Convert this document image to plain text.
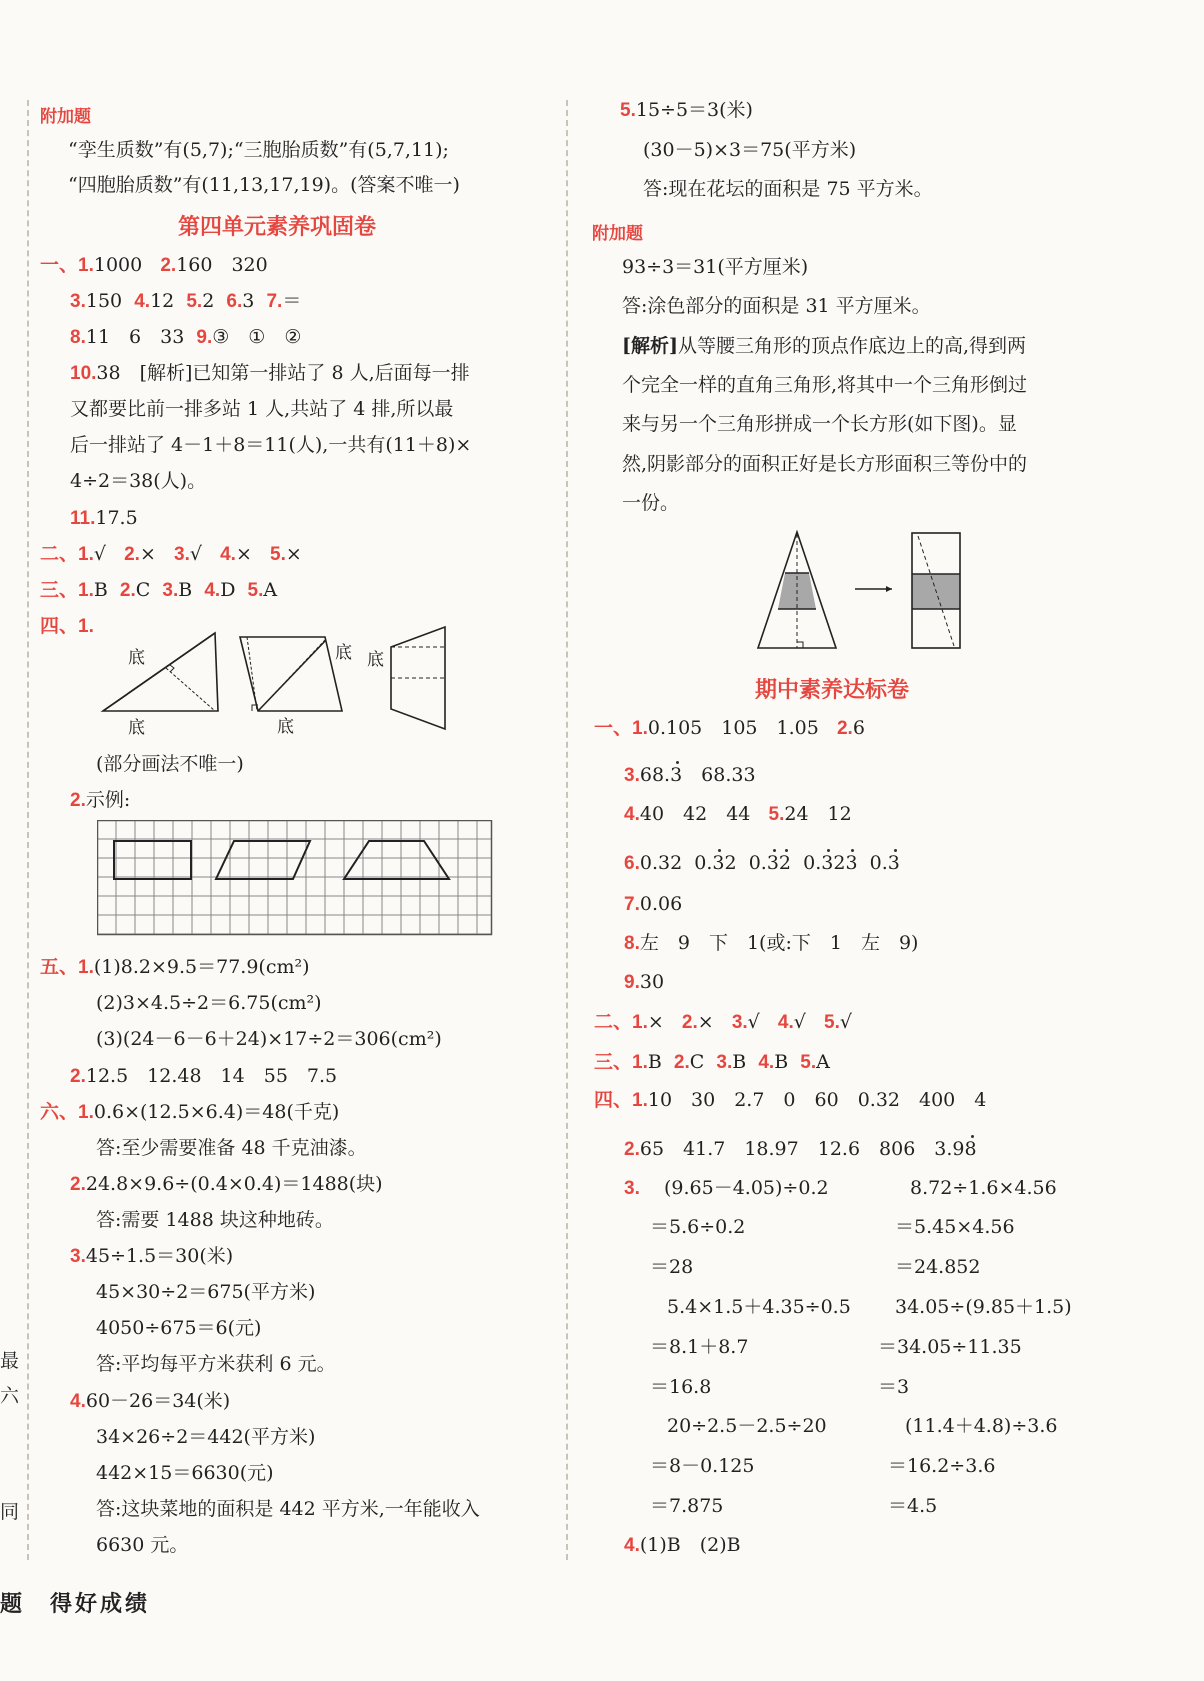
最
六
同
附加题
“孪生质数”有(5,7);“三胞胎质数”有(5,7,11);
“四胞胎质数”有(11,13,17,19)。(答案不唯一)
第四单元素养巩固卷
一、1.1000 2.160　320
3.150 4.12 5.2 6.3 7.＝
8.11　6　33 9.③　①　②
10.38　[解析]已知第一排站了 8 人,后面每一排
又都要比前一排多站 1 人,共站了 4 排,所以最
后一排站了 4－1＋8＝11(人),一共有(11＋8)×
4÷2＝38(人)。
11.17.5
二、1.√ 2.× 3.√ 4.× 5.×
三、1.B 2.C 3.B 4.D 5.A
四、1.
底
底
底
底
底
(部分画法不唯一)
2.示例:
五、1.(1)8.2×9.5＝77.9(cm²)
(2)3×4.5÷2＝6.75(cm²)
(3)(24－6－6＋24)×17÷2＝306(cm²)
2.12.5　12.48　14　55　7.5
六、1.0.6×(12.5×6.4)＝48(千克)
答:至少需要准备 48 千克油漆。
2.24.8×9.6÷(0.4×0.4)＝1488(块)
答:需要 1488 块这种地砖。
3.45÷1.5＝30(米)
45×30÷2＝675(平方米)
4050÷675＝6(元)
答:平均每平方米获利 6 元。
4.60－26＝34(米)
34×26÷2＝442(平方米)
442×15＝6630(元)
答:这块菜地的面积是 442 平方米,一年能收入
6630 元。
5.15÷5＝3(米)
(30－5)×3＝75(平方米)
答:现在花坛的面积是 75 平方米。
附加题
93÷3＝31(平方厘米)
答:涂色部分的面积是 31 平方厘米。
[解析]从等腰三角形的顶点作底边上的高,得到两
个完全一样的直角三角形,将其中一个三角形倒过
来与另一个三角形拼成一个长方形(如下图)。显
然,阴影部分的面积正好是长方形面积三等份中的
一份。
期中素养达标卷
一、1.0.105　105　1.05 2.6
3.68.3　68.33
4.40　42　44 5.24　12
6.0.32 0.32 0.32 0.323 0.3
7.0.06
8.左　9　下　1(或:下　1　左　9)
9.30
二、1.× 2.× 3.√ 4.√ 5.√
三、1.B 2.C 3.B 4.B 5.A
四、1.10　30　2.7　0　60　0.32　400　4
2.65　41.7　18.97　12.6　806　3.98
3. (9.65－4.05)÷0.2
＝5.6÷0.2
＝28
8.72÷1.6×4.56
＝5.45×4.56
＝24.852
5.4×1.5＋4.35÷0.5
＝8.1＋8.7
＝16.8
34.05÷(9.85＋1.5)
＝34.05÷11.35
＝3
20÷2.5－2.5÷20
＝8－0.125
＝7.875
(11.4＋4.8)÷3.6
＝16.2÷3.6
＝4.5
4.(1)B　(2)B
题　得好成绩
